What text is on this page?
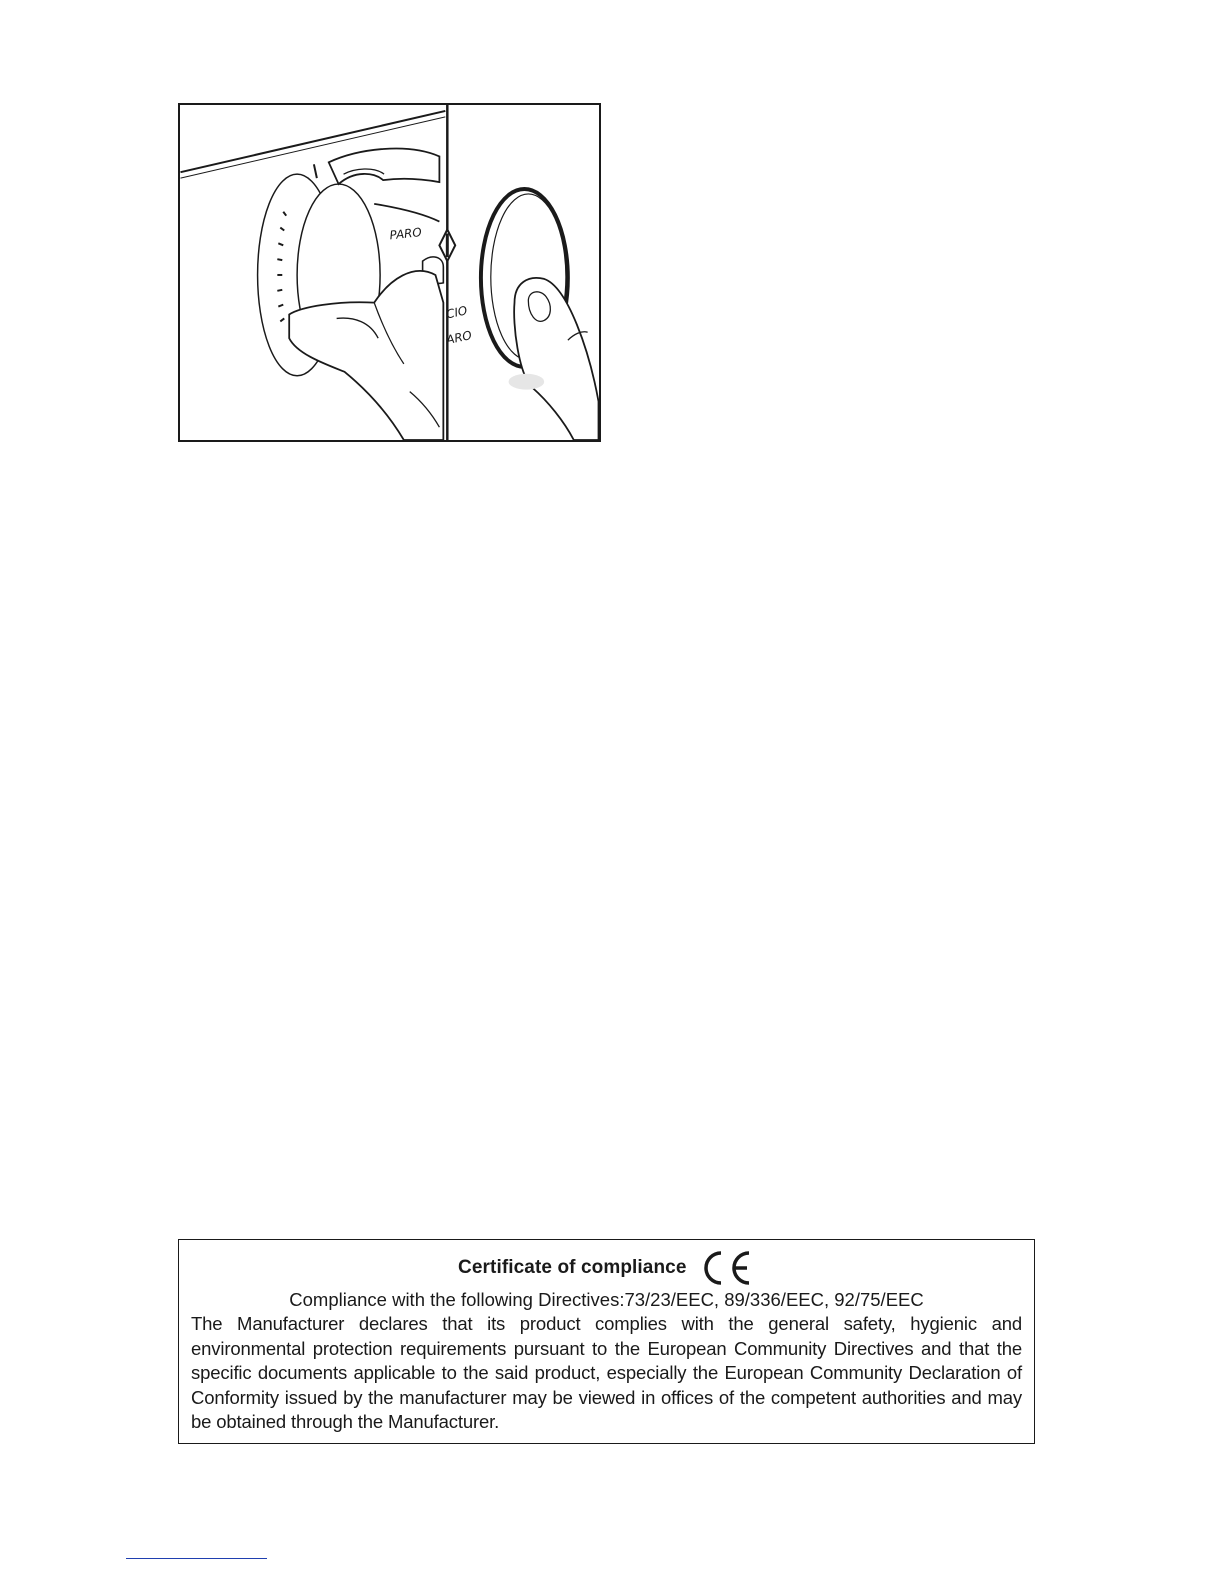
PARO
CIO
ARO
Certificate of compliance
Compliance with the following Directives:73/23/EEC, 89/336/EEC, 92/75/EEC
The Manufacturer declares that its product complies with the general safety, hygienic and environmental protection requirements pursuant to the European Community Directives and that the specific documents applicable to the said product, especially the European Community Declaration of Conformity issued by the manufacturer may be viewed in offices of the competent authorities and may be obtained through the Manufacturer.
